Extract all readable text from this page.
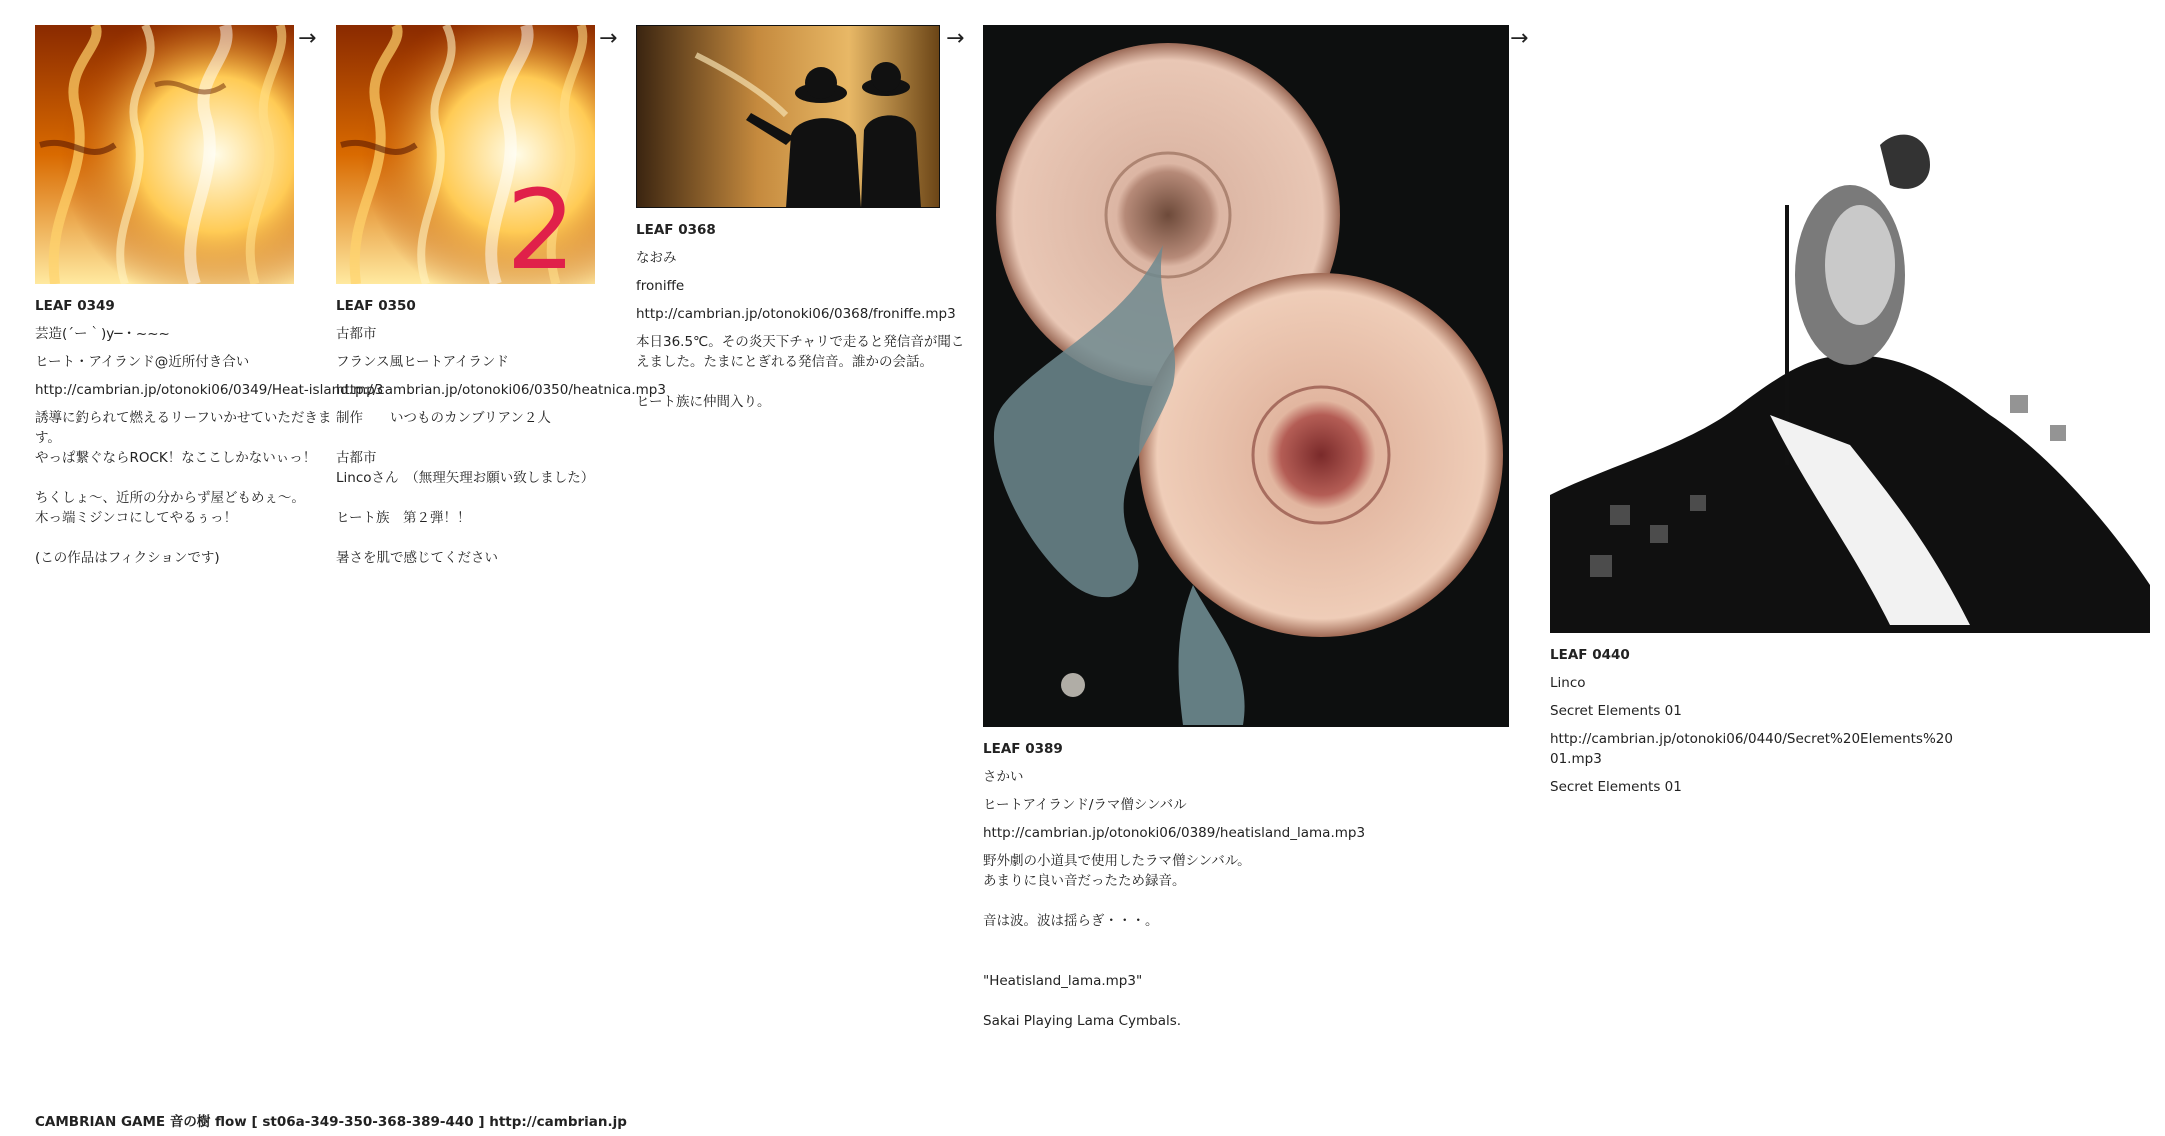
LEAF 0349
芸造(´ー｀)y─・~~~
ヒート・アイランド@近所付き合い
http://cambrian.jp/otonoki06/0349/Heat-island.mp3
誘導に釣られて燃えるリーフいかせていただきます。
やっぱ繋ぐならROCK！なここしかないぃっ！

ちくしょ～、近所の分からず屋どもめぇ～。
木っ端ミジンコにしてやるぅっ！

(この作品はフィクションです)
→
2
LEAF 0350
古都市
フランス風ヒートアイランド
http://cambrian.jp/otonoki06/0350/heatnica.mp3
制作　　いつものカンブリアン２人

古都市
Lincoさん　（無理矢理お願い致しました）

ヒート族　第２弾！！

暑さを肌で感じてください
→
LEAF 0368
なおみ
froniffe
http://cambrian.jp/otonoki06/0368/froniffe.mp3
本日36.5℃。その炎天下チャリで走ると発信音が聞こえました。たまにとぎれる発信音。誰かの会話。

ヒート族に仲間入り。
→
LEAF 0389
さかい
ヒートアイランド/ラマ僧シンバル
http://cambrian.jp/otonoki06/0389/heatisland_lama.mp3
野外劇の小道具で使用したラマ僧シンバル。
あまりに良い音だったため録音。

音は波。波は揺らぎ・・・。

"Heatisland_lama.mp3"

Sakai Playing Lama Cymbals.
→
LEAF 0440
Linco
Secret Elements 01
http://cambrian.jp/otonoki06/0440/Secret%20Elements%2001.mp3
Secret Elements 01
CAMBRIAN GAME 音の樹 flow [ st06a-349-350-368-389-440 ] http://cambrian.jp
